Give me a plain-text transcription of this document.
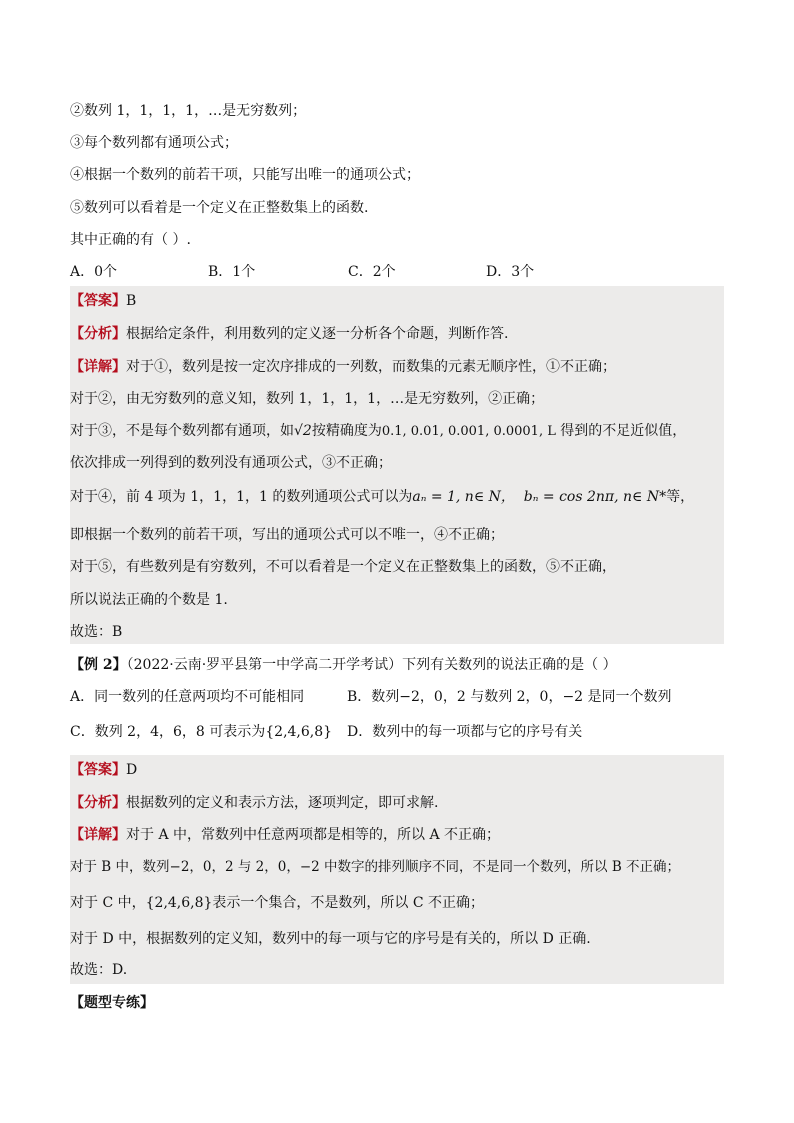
②数列 1，1，1，1，…是无穷数列；
③每个数列都有通项公式；
④根据一个数列的前若干项，只能写出唯一的通项公式；
⑤数列可以看着是一个定义在正整数集上的函数.
其中正确的有（ ）.
A．0个	B．1个	C．2个	D．3个
【答案】B
【分析】根据给定条件，利用数列的定义逐一分析各个命题，判断作答.
【详解】对于①，数列是按一定次序排成的一列数，而数集的元素无顺序性，①不正确；
对于②，由无穷数列的意义知，数列 1，1，1，1，…是无穷数列，②正确；
对于③，不是每个数列都有通项，如√2按精确度为0.1, 0.01, 0.001, 0.0001, L 得到的不足近似值，
依次排成一列得到的数列没有通项公式，③不正确；
对于④，前 4 项为 1，1，1，1 的数列通项公式可以为aₙ = 1, n∈ N， bₙ = cos 2nπ, n∈ N*等，
即根据一个数列的前若干项，写出的通项公式可以不唯一，④不正确；
对于⑤，有些数列是有穷数列，不可以看着是一个定义在正整数集上的函数，⑤不正确，
所以说法正确的个数是 1.
故选：B
【例 2】（2022·云南·罗平县第一中学高二开学考试）下列有关数列的说法正确的是（ ）
A．同一数列的任意两项均不可能相同	B．数列−2，0，2 与数列 2，0，−2 是同一个数列
C．数列 2，4，6，8 可表示为{2,4,6,8} D．数列中的每一项都与它的序号有关
【答案】D
【分析】根据数列的定义和表示方法，逐项判定，即可求解.
【详解】对于 A 中，常数列中任意两项都是相等的，所以 A 不正确；
对于 B 中，数列−2，0，2 与 2，0，−2 中数字的排列顺序不同，不是同一个数列，所以 B 不正确；
对于 C 中，{2,4,6,8}表示一个集合，不是数列，所以 C 不正确；
对于 D 中，根据数列的定义知，数列中的每一项与它的序号是有关的，所以 D 正确.
故选：D.
【题型专练】
